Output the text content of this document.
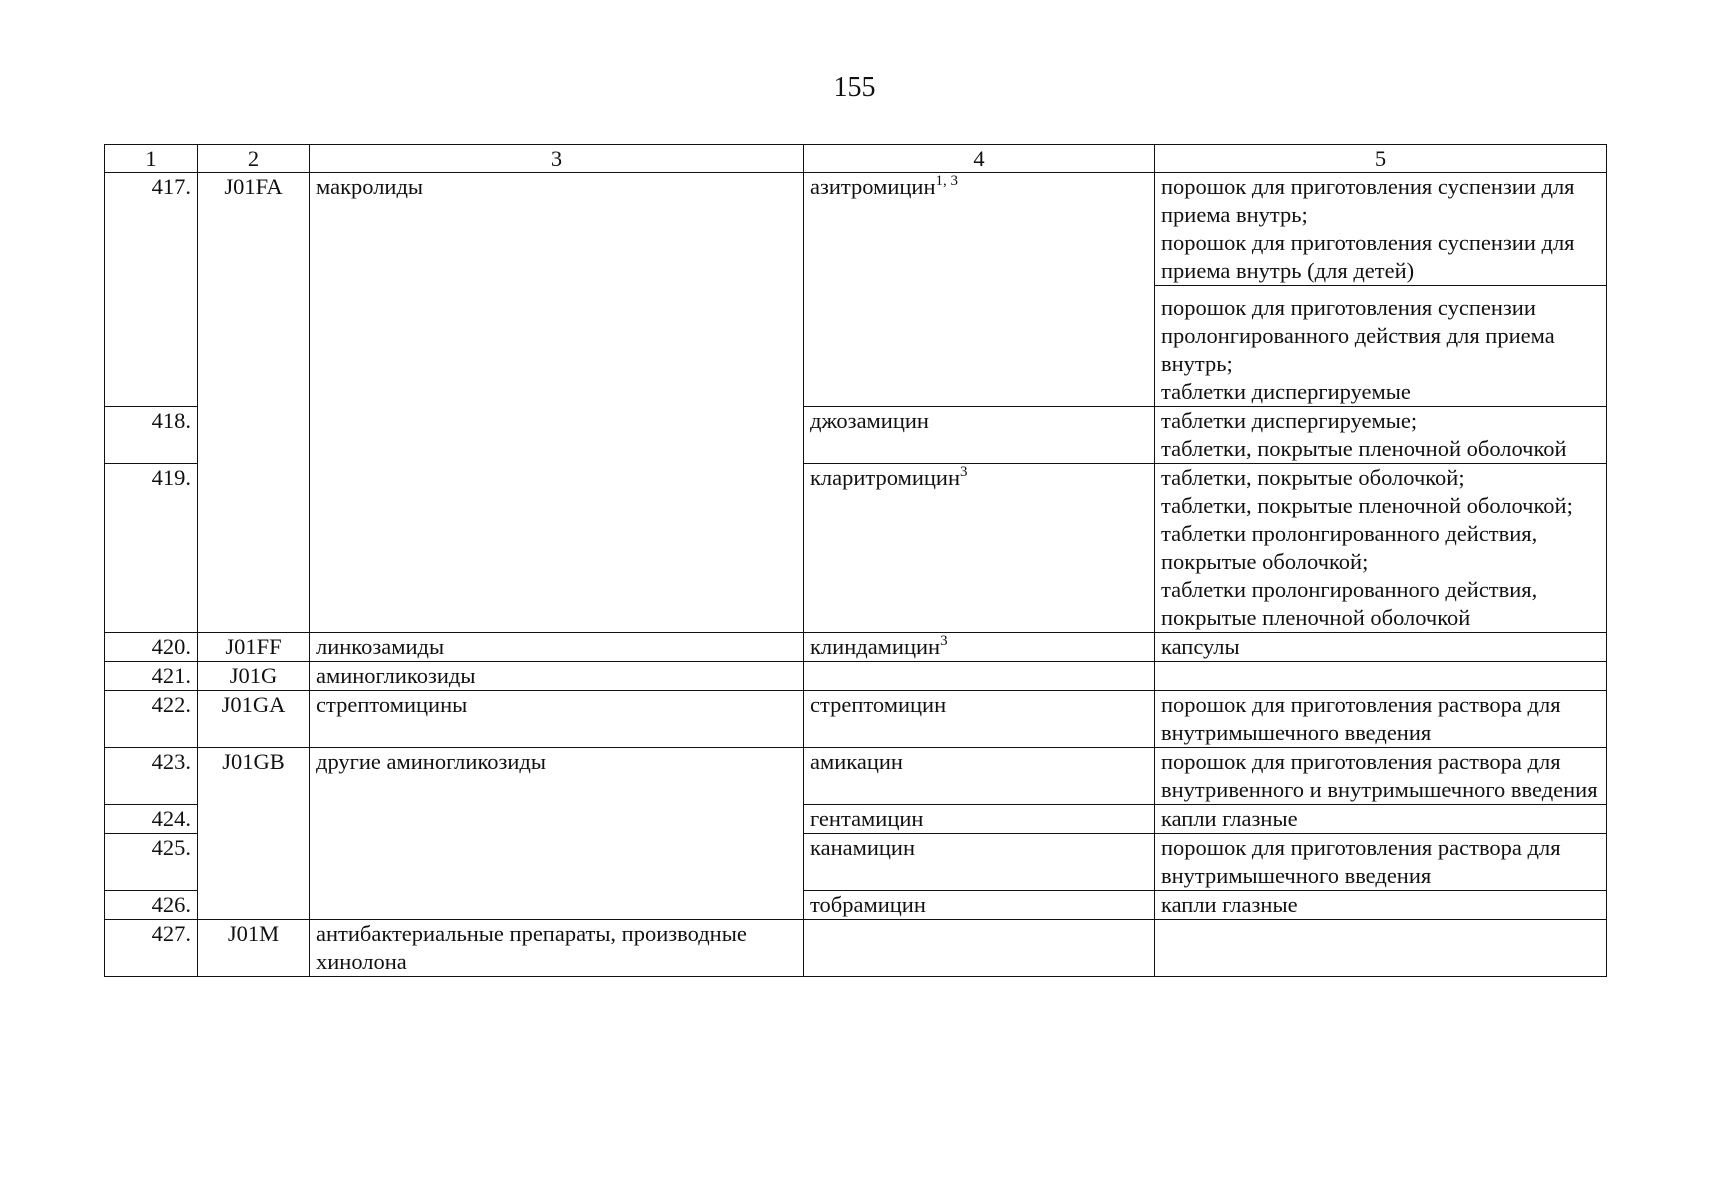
155
1	2	3	4	5
417.	J01FA	макролиды	азитромицин$^{1, 3}$	порошок для приготовления суспензии для приема внутрь;
порошок для приготовления суспензии для приема внутрь (для детей)

				порошок для приготовления суспензии пролонгированного действия для приема внутрь;
таблетки диспергируемые

418.			джозамицин	таблетки диспергируемые;
таблетки, покрытые пленочной оболочкой

419.			кларитромицин$^3$	таблетки, покрытые оболочкой;
таблетки, покрытые пленочной оболочкой;
таблетки пролонгированного действия, покрытые оболочкой;
таблетки пролонгированного действия, покрытые пленочной оболочкой

420.	J01FF	линкозамиды	клиндамицин$^3$	капсулы
421.	J01G	аминогликозиды		
422.	J01GA	стрептомицины	стрептомицин	порошок для приготовления раствора для внутримышечного введения
423.	J01GB	другие аминогликозиды	амикацин	порошок для приготовления раствора для внутривенного и внутримышечного введения
424.			гентамицин	капли глазные
425.			канамицин	порошок для приготовления раствора для внутримышечного введения
426.			тобрамицин	капли глазные
427.	J01M	антибактериальные препараты, производные хинолона		
